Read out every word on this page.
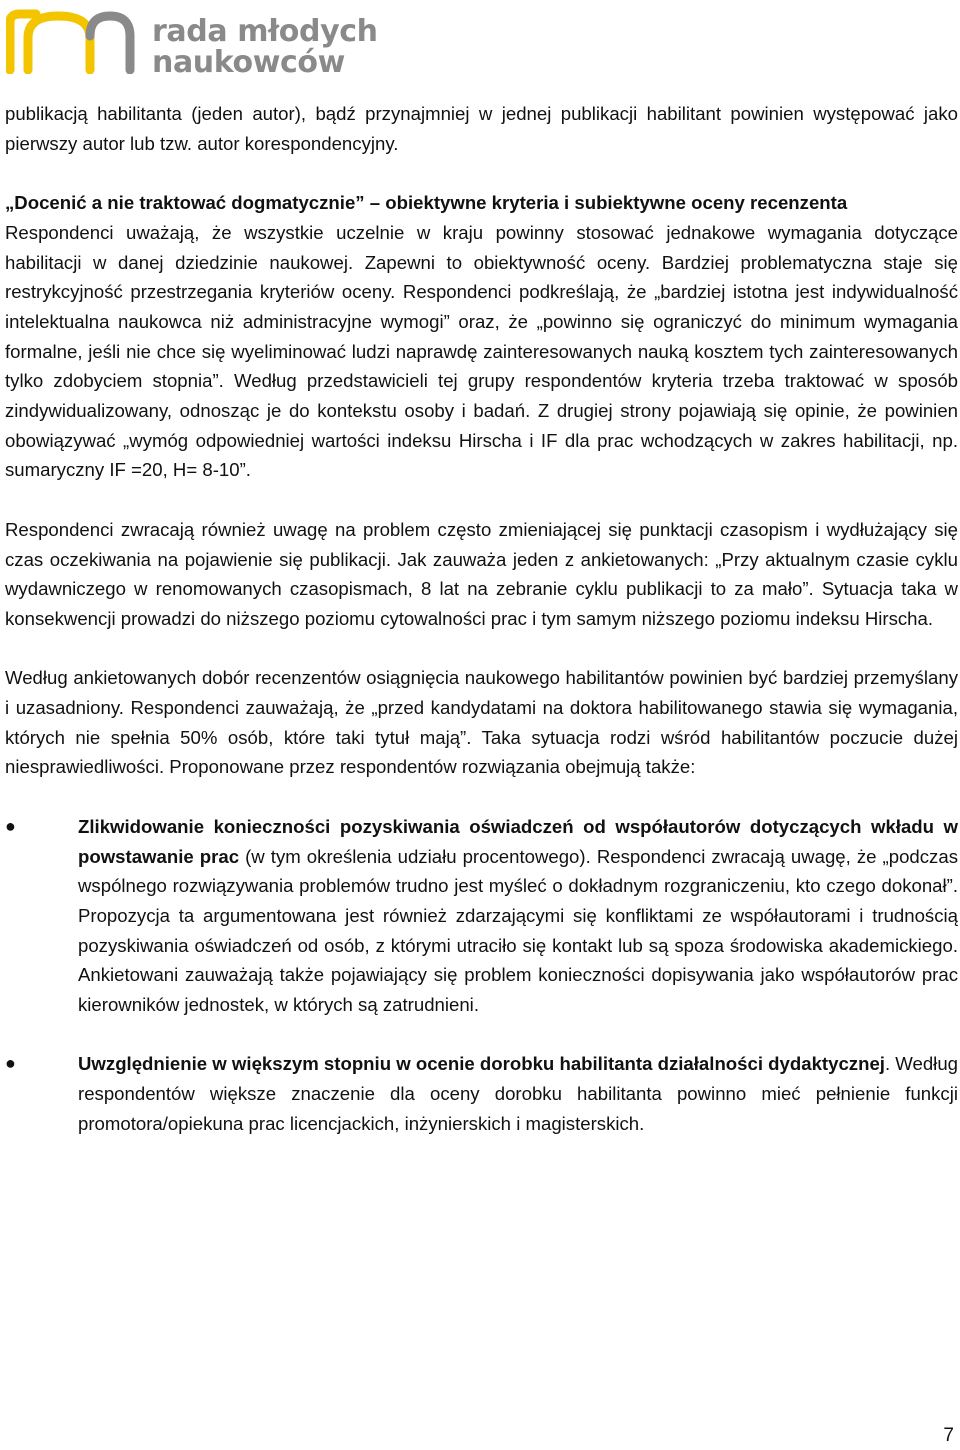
rada młodych
naukowców

publikacją habilitanta (jeden autor), bądź przynajmniej w jednej publikacji habilitant powinien występować jako pierwszy autor lub tzw. autor korespondencyjny.

„Docenić a nie traktować dogmatycznie” – obiektywne kryteria i subiektywne oceny recenzenta

Respondenci uważają, że wszystkie uczelnie w kraju powinny stosować jednakowe wymagania dotyczące habilitacji w danej dziedzinie naukowej. Zapewni to obiektywność oceny. Bardziej problematyczna staje się restrykcyjność przestrzegania kryteriów oceny. Respondenci podkreślają, że „bardziej istotna jest indywidualność intelektualna naukowca niż administracyjne wymogi” oraz, że „powinno się ograniczyć do minimum wymagania formalne, jeśli nie chce się wyeliminować ludzi naprawdę zainteresowanych nauką kosztem tych zainteresowanych tylko zdobyciem stopnia”. Według przedstawicieli tej grupy respondentów kryteria trzeba traktować w sposób zindywidualizowany, odnosząc je do kontekstu osoby i badań. Z drugiej strony pojawiają się opinie, że powinien obowiązywać „wymóg odpowiedniej wartości indeksu Hirscha i IF dla prac wchodzących w zakres habilitacji, np. sumaryczny IF =20, H= 8-10”.

Respondenci zwracają również uwagę na problem często zmieniającej się punktacji czasopism i wydłużający się czas oczekiwania na pojawienie się publikacji. Jak zauważa jeden z ankietowanych: „Przy aktualnym czasie cyklu wydawniczego w renomowanych czasopismach, 8 lat na zebranie cyklu publikacji to za mało”. Sytuacja taka w konsekwencji prowadzi do niższego poziomu cytowalności prac i tym samym niższego poziomu indeksu Hirscha.

Według ankietowanych dobór recenzentów osiągnięcia naukowego habilitantów powinien być bardziej przemyślany i uzasadniony. Respondenci zauważają, że „przed kandydatami na doktora habilitowanego stawia się wymagania, których nie spełnia 50% osób, które taki tytuł mają”. Taka sytuacja rodzi wśród habilitantów poczucie dużej niesprawiedliwości. Proponowane przez respondentów rozwiązania obejmują także:

●	Zlikwidowanie konieczności pozyskiwania oświadczeń od współautorów dotyczących wkładu w powstawanie prac (w tym określenia udziału procentowego). Respondenci zwracają uwagę, że „podczas wspólnego rozwiązywania problemów trudno jest myśleć o dokładnym rozgraniczeniu, kto czego dokonał”. Propozycja ta argumentowana jest również zdarzającymi się konfliktami ze współautorami i trudnością pozyskiwania oświadczeń od osób, z którymi utraciło się kontakt lub są spoza środowiska akademickiego. Ankietowani zauważają także pojawiający się problem konieczności dopisywania jako współautorów prac kierowników jednostek, w których są zatrudnieni.

●	Uwzględnienie w większym stopniu w ocenie dorobku habilitanta działalności dydaktycznej. Według respondentów większe znaczenie dla oceny dorobku habilitanta powinno mieć pełnienie funkcji promotora/opiekuna prac licencjackich, inżynierskich i magisterskich.

7
